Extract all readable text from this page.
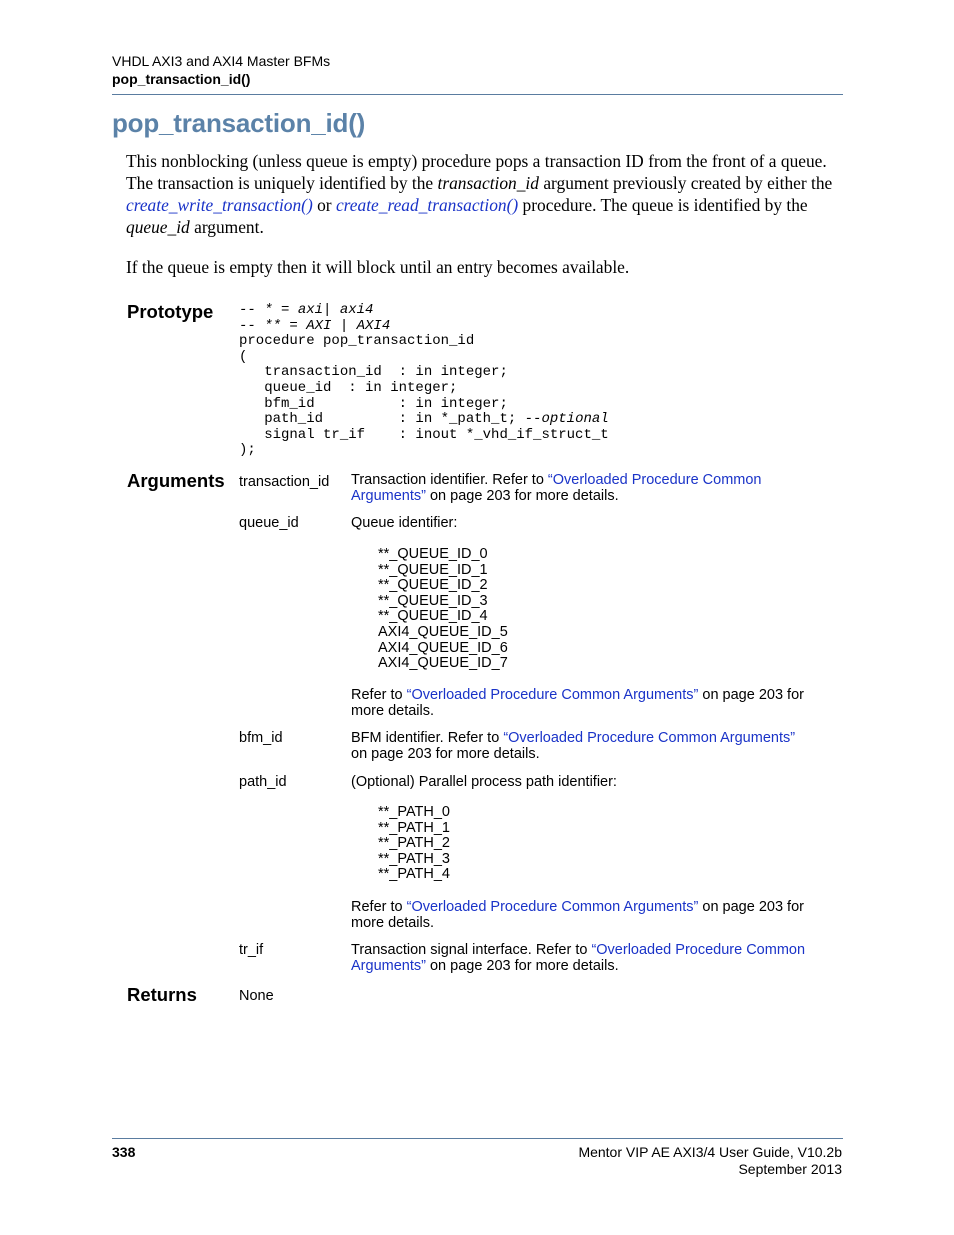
VHDL AXI3 and AXI4 Master BFMs
pop_transaction_id()
pop_transaction_id()
This nonblocking (unless queue is empty) procedure pops a transaction ID from the front of a queue. The transaction is uniquely identified by the transaction_id argument previously created by either the create_write_transaction() or create_read_transaction() procedure. The queue is identified by the queue_id argument.
If the queue is empty then it will block until an entry becomes available.
Prototype -- * = axi| axi4
-- ** = AXI | AXI4
procedure pop_transaction_id
(
transaction_id  : in integer;
queue_id  : in integer;
bfm_id          : in integer;
path_id         : in *_path_t; --optional
signal tr_if    : inout *_vhd_if_struct_t
);
Arguments transaction_id Transaction identifier. Refer to “Overloaded Procedure Common
Arguments” on page 203 for more details.
queue_id	Queue identifier:
**_QUEUE_ID_0
**_QUEUE_ID_1
**_QUEUE_ID_2
**_QUEUE_ID_3
**_QUEUE_ID_4
AXI4_QUEUE_ID_5
AXI4_QUEUE_ID_6
AXI4_QUEUE_ID_7
Refer to “Overloaded Procedure Common Arguments” on page 203 for
more details.
bfm_id	BFM identifier. Refer to “Overloaded Procedure Common Arguments”
on page 203 for more details.
path_id	(Optional) Parallel process path identifier:
**_PATH_0
**_PATH_1
**_PATH_2
**_PATH_3
**_PATH_4
Refer to “Overloaded Procedure Common Arguments” on page 203 for
more details.
tr_if	Transaction signal interface. Refer to “Overloaded Procedure Common
Arguments” on page 203 for more details.
Returns	None
338	Mentor VIP AE AXI3/4 User Guide, V10.2b
September 2013
